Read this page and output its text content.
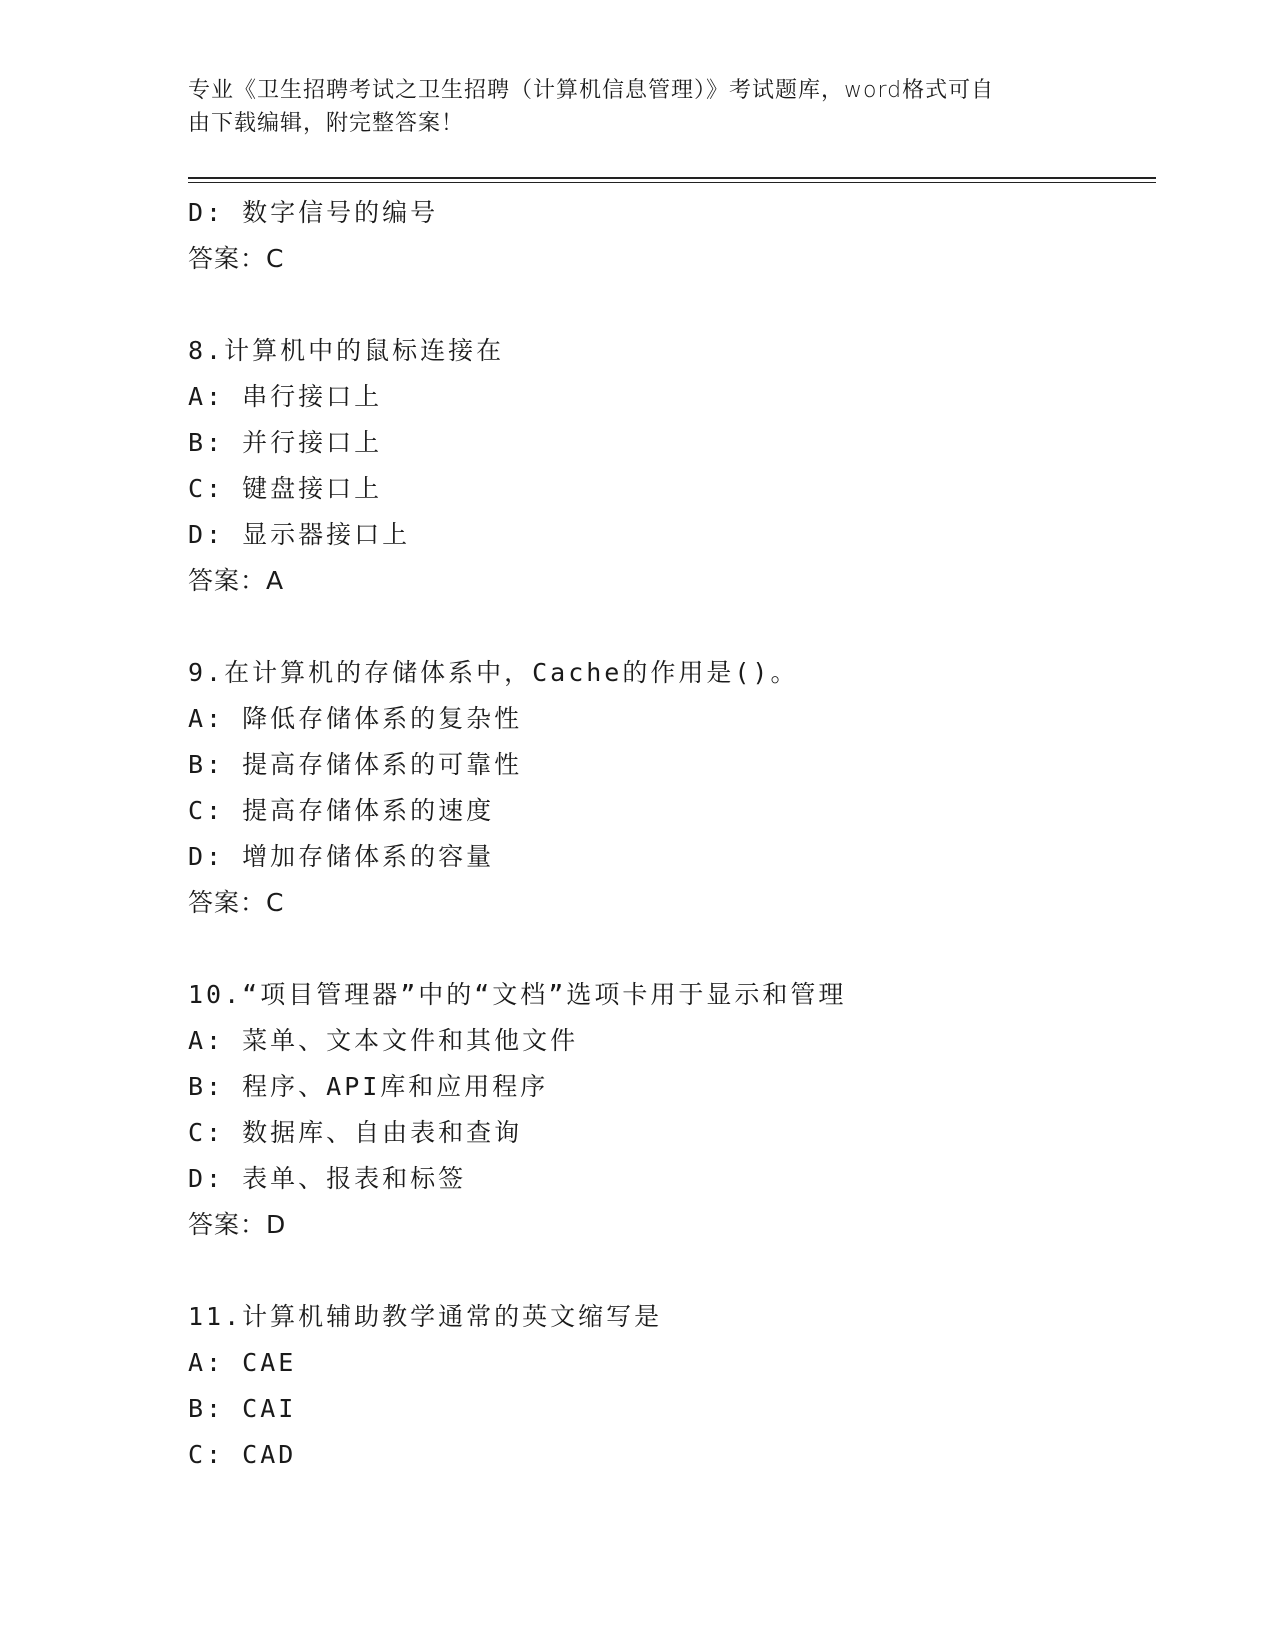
专业《卫生招聘考试之卫生招聘（计算机信息管理）》考试题库，word格式可自
由下载编辑，附完整答案！
D: 数字信号的编号
答案：C
8.计算机中的鼠标连接在
A: 串行接口上
B: 并行接口上
C: 键盘接口上
D: 显示器接口上
答案：A
9.在计算机的存储体系中，Cache的作用是()。
A: 降低存储体系的复杂性
B: 提高存储体系的可靠性
C: 提高存储体系的速度
D: 增加存储体系的容量
答案：C
10.“项目管理器”中的“文档”选项卡用于显示和管理
A: 菜单、文本文件和其他文件
B: 程序、API库和应用程序
C: 数据库、自由表和查询
D: 表单、报表和标签
答案：D
11.计算机辅助教学通常的英文缩写是
A: CAE
B: CAI
C: CAD
